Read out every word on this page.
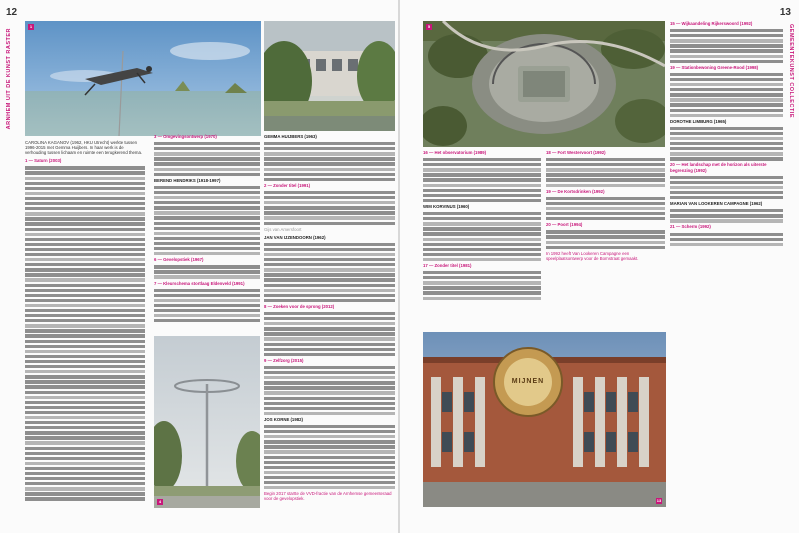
12
ARNHEM UIT DE KUNST RASTER
1
4

CAROLINA KAGANOV (1962, HKU Utrecht) werkte tussen 1996-2015 met Gemma Huijbers. In haar werk is de verhouding tussen lichaam en ruimte een terugkerend thema.

1 — Saturn (2003)

3 — Omgevingsontwerp (1970)

BEREND HENDRIKS (1918-1997)

6 — Gevelopstiek (1967)

7 — Kleurschema stortlaag Eldenveld (1991)

GEMMA HUIJBERS (1963)

2 — Zonder titel (1991)

Gijs van Amersfoort

JAN VAN IJZENDOORN (1962)

8 — Zoeken voor de sprong (2012)

9 — Zelfzorg (2015)

JOS KORNE (1982)

Begin 2017 startte de VVD-fractie van de Arnhemse gemeenteraad voor de gevelopstiek.

13
GEMEENTEKUNST COLLECTIE
5
MIJNEN
13

16 — Het observatorium (1989)

WIM KORVINUS (1960)

17 — Zonder titel (1981)

18 — Fort Westervoort (1992)

19 — De Kortsdrinken (1992)

20 — Poort (1994)

In 1992 heeft Van Lookeren Campagne een speelplaatsontwerp voor de Bornstraat gemaakt.

15 — Wijkaandeling Rijkerswoord (1992)

19 — Stationbewoning Greene-Rood (1998)

DOROTHE LIMBURG (1965)

20 — Het landschap met de horizon als uiterste begrenzing (1992)

MARIAN VAN LOOKEREN CAMPAGNE (1962)

21 — Scherm (1992)
